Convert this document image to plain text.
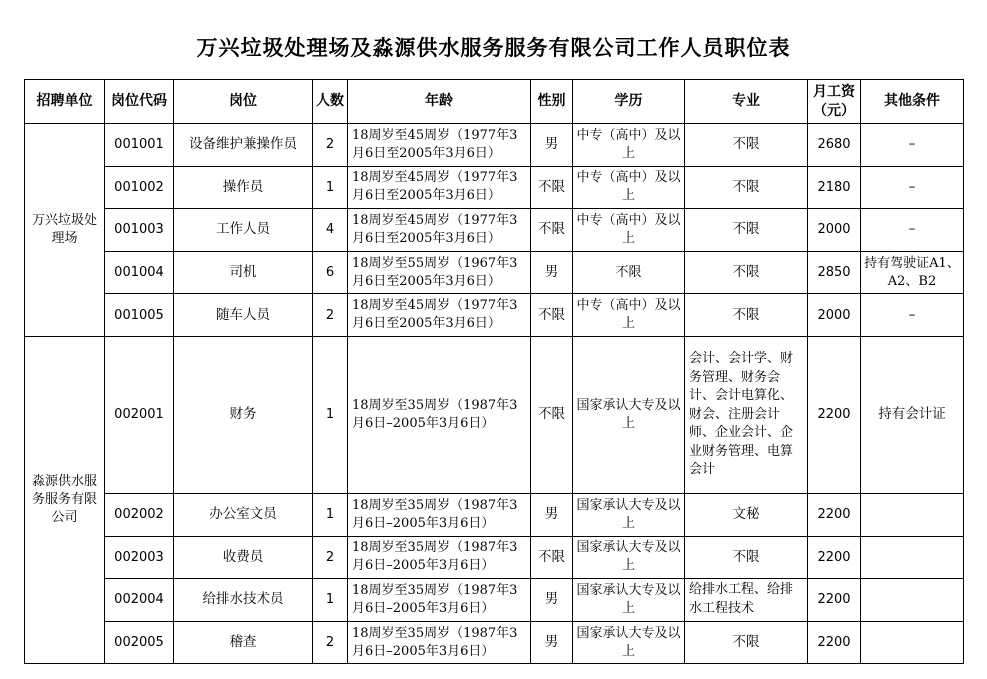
万兴垃圾处理场及淼源供水服务服务有限公司工作人员职位表
招聘单位	岗位代码	岗位	人数	年龄	性别	学历	专业	月工资（元）	其他条件
万兴垃圾处理场	001001	设备维护兼操作员	2	18周岁至45周岁（1977年3月6日至2005年3月6日）	男	中专（高中）及以上	不限	2680	–
	001002	操作员	1	18周岁至45周岁（1977年3月6日至2005年3月6日）	不限	中专（高中）及以上	不限	2180	–
	001003	工作人员	4	18周岁至45周岁（1977年3月6日至2005年3月6日）	不限	中专（高中）及以上	不限	2000	–
	001004	司机	6	18周岁至55周岁（1967年3月6日至2005年3月6日）	男	不限	不限	2850	持有驾驶证A1、A2、B2
	001005	随车人员	2	18周岁至45周岁（1977年3月6日至2005年3月6日）	不限	中专（高中）及以上	不限	2000	–
淼源供水服务服务有限公司	002001	财务	1	18周岁至35周岁（1987年3月6日–2005年3月6日）	不限	国家承认大专及以上	会计、会计学、财务管理、财务会计、会计电算化、财会、注册会计师、企业会计、企业财务管理、电算会计	2200	持有会计证
	002002	办公室文员	1	18周岁至35周岁（1987年3月6日–2005年3月6日）	男	国家承认大专及以上	文秘	2200	
	002003	收费员	2	18周岁至35周岁（1987年3月6日–2005年3月6日）	不限	国家承认大专及以上	不限	2200	
	002004	给排水技术员	1	18周岁至35周岁（1987年3月6日–2005年3月6日）	男	国家承认大专及以上	给排水工程、给排水工程技术	2200	
	002005	稽查	2	18周岁至35周岁（1987年3月6日–2005年3月6日）	男	国家承认大专及以上	不限	2200	
